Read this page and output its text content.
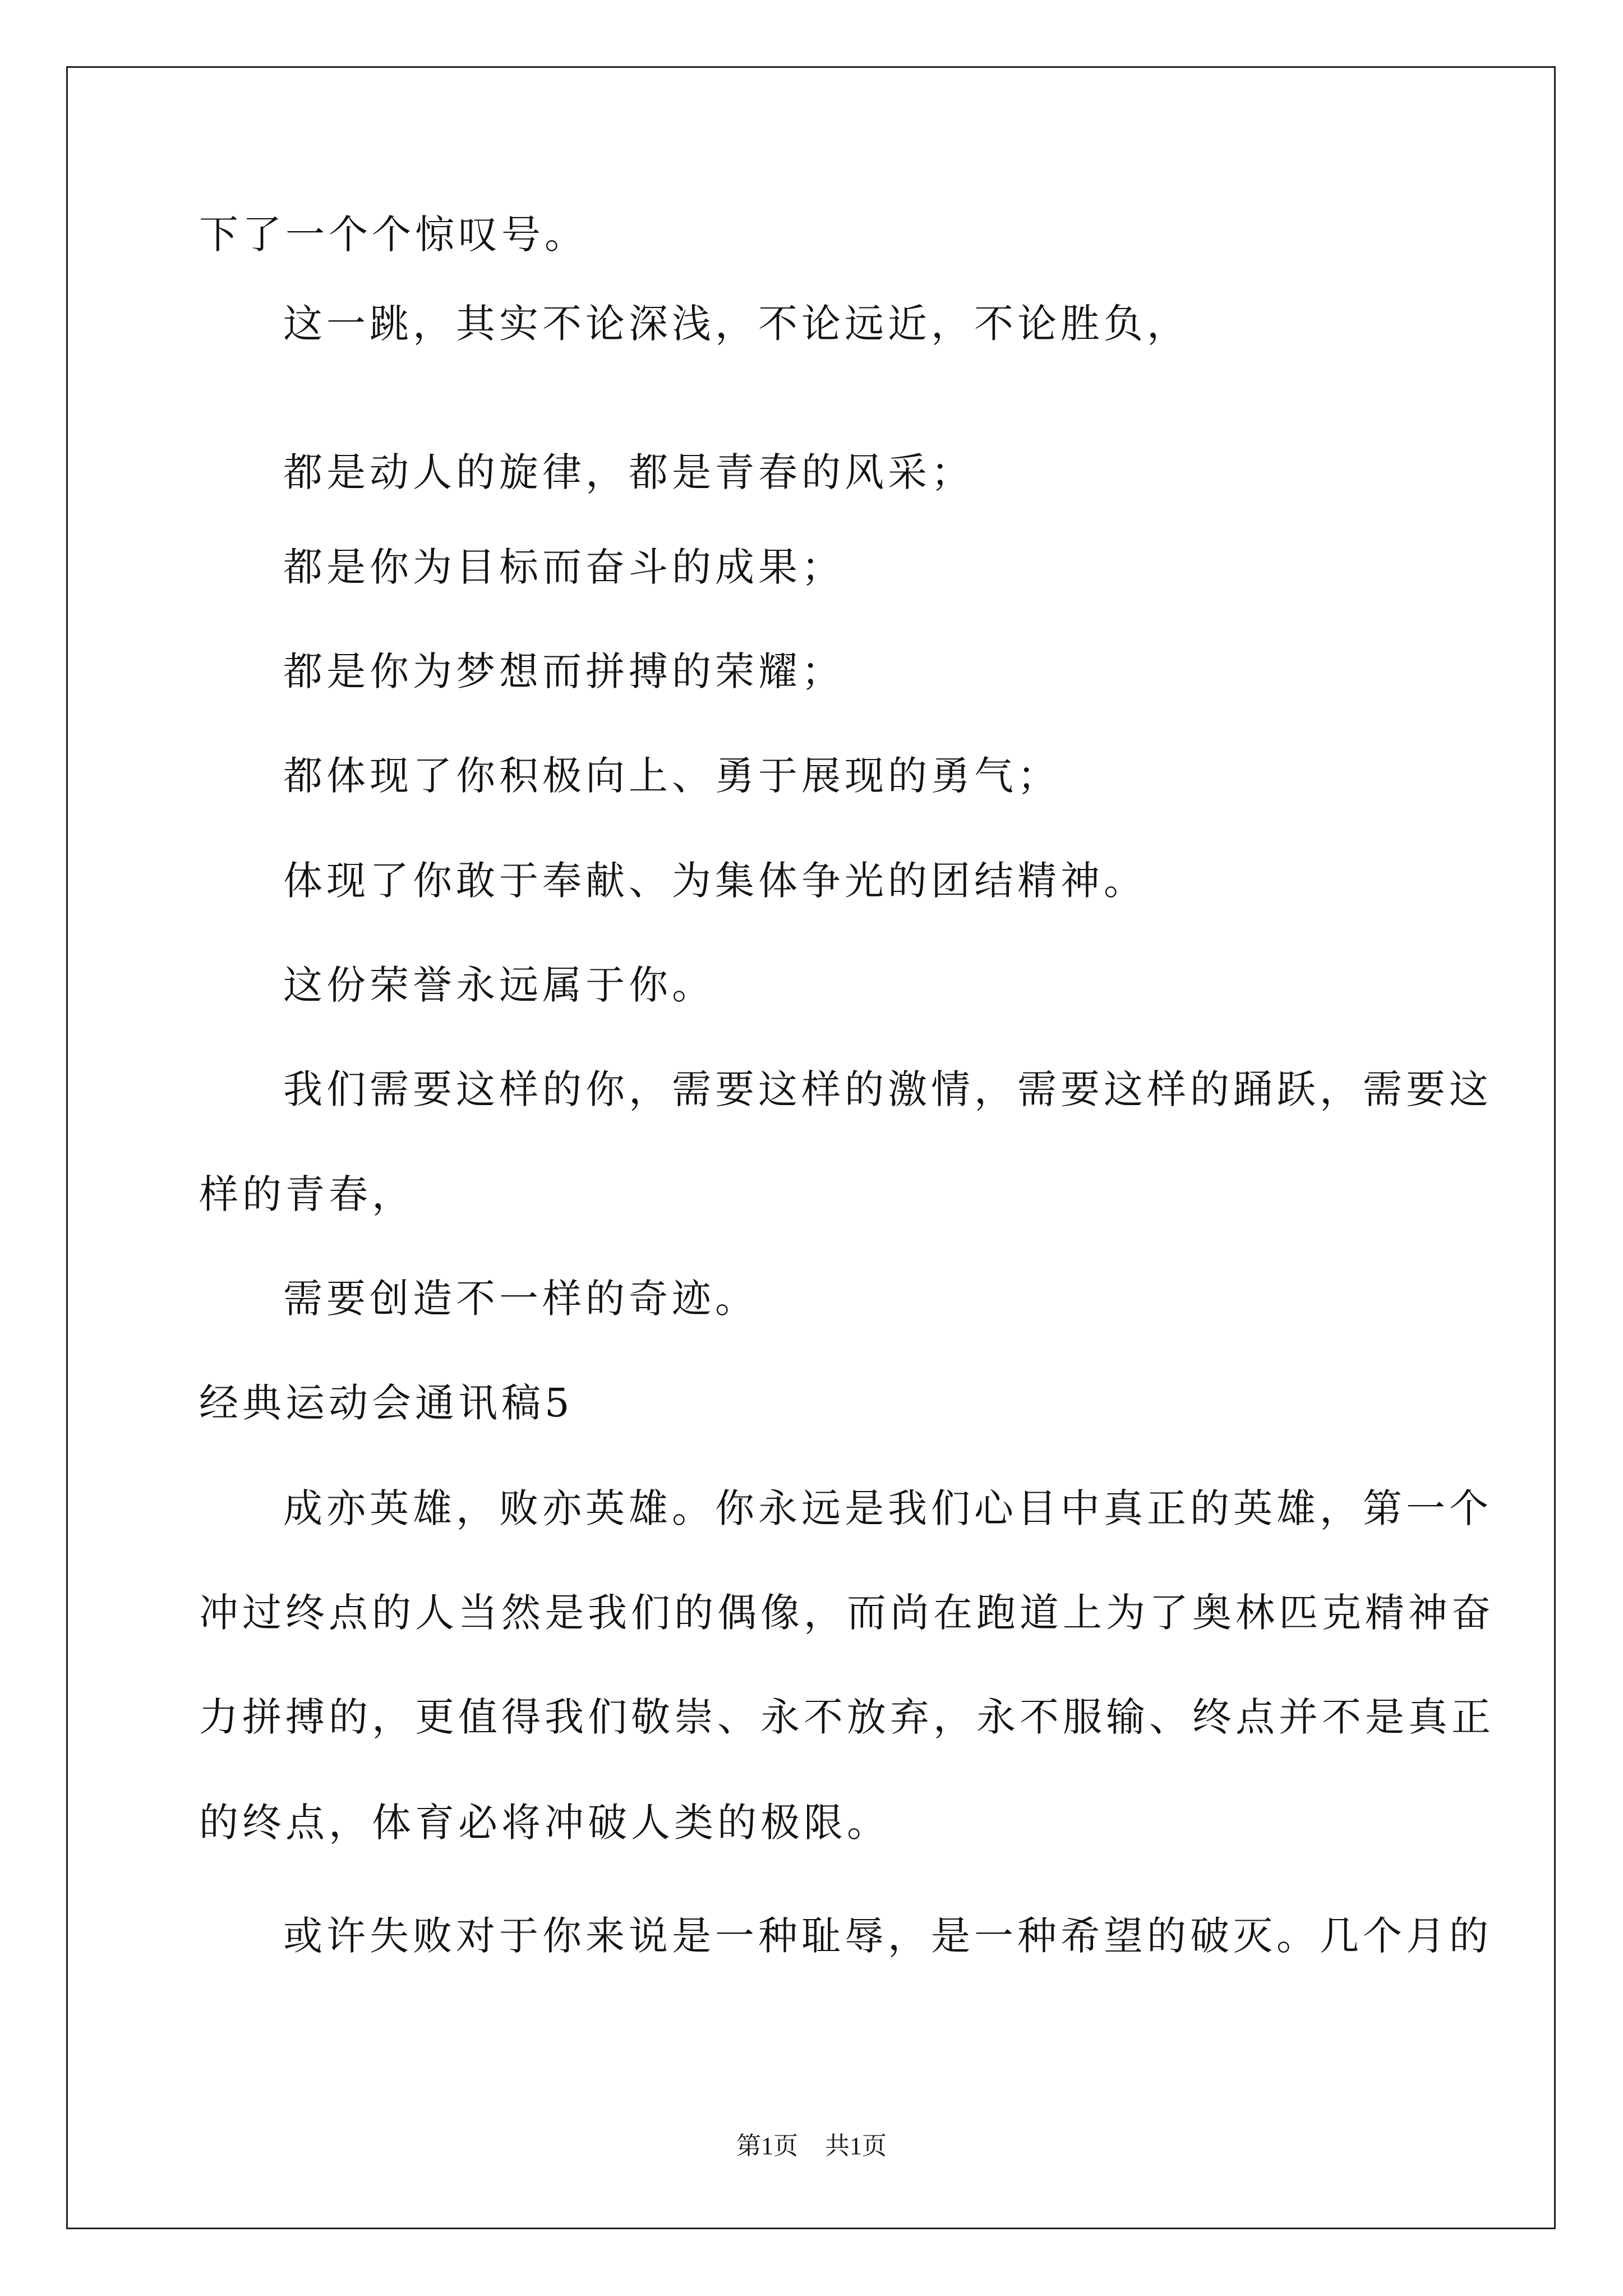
下了一个个惊叹号。

这一跳，其实不论深浅，不论远近，不论胜负，

都是动人的旋律，都是青春的风采；

都是你为目标而奋斗的成果；

都是你为梦想而拼搏的荣耀；

都体现了你积极向上、勇于展现的勇气；

体现了你敢于奉献、为集体争光的团结精神。

这份荣誉永远属于你。

我们需要这样的你，需要这样的激情，需要这样的踊跃，需要这

样的青春，

需要创造不一样的奇迹。

经典运动会通讯稿5

成亦英雄，败亦英雄。你永远是我们心目中真正的英雄，第一个

冲过终点的人当然是我们的偶像，而尚在跑道上为了奥林匹克精神奋

力拼搏的，更值得我们敬崇、永不放弃，永不服输、终点并不是真正

的终点，体育必将冲破人类的极限。

或许失败对于你来说是一种耻辱，是一种希望的破灭。几个月的

第1页 共1页
